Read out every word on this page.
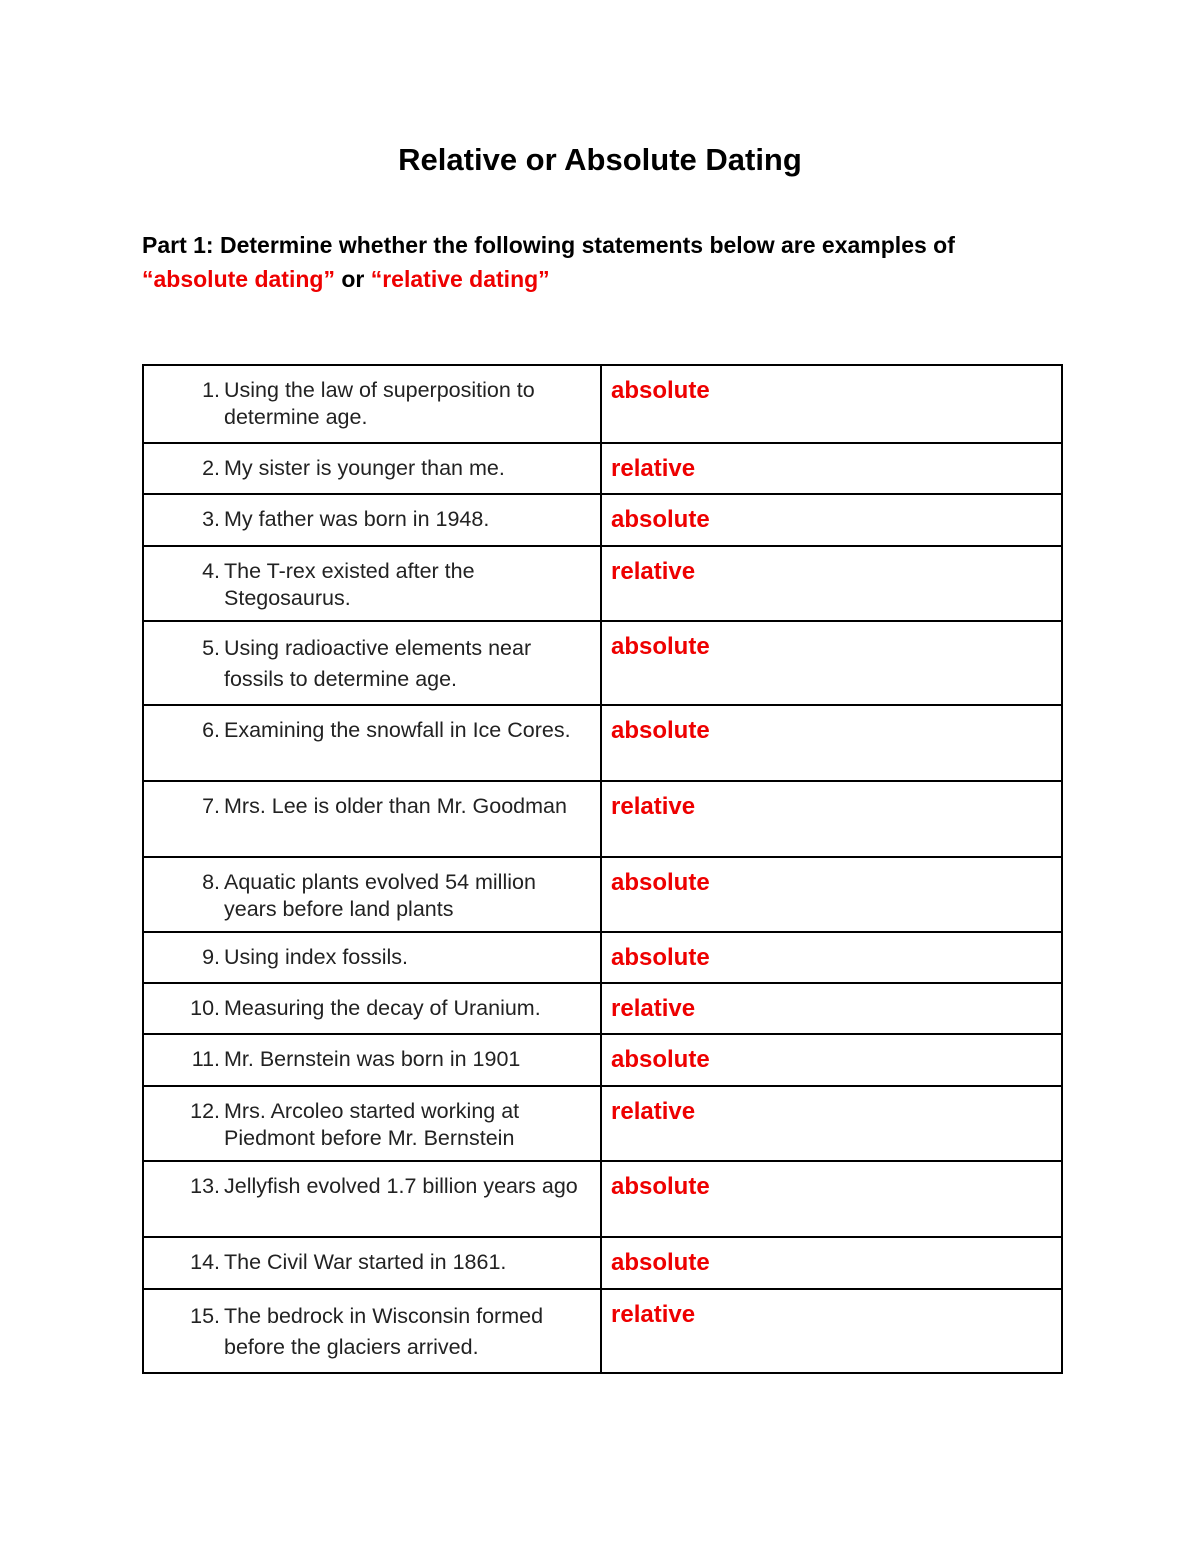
Relative or Absolute Dating
Part 1: Determine whether the following statements below are examples of
“absolute dating” or “relative dating”
1. Using the law of superposition to determine age.	absolute

2. My sister is younger than me.	relative

3. My father was born in 1948.	absolute

4. The T-rex existed after the Stegosaurus.	relative

5. Using radioactive elements near fossils to determine age.	absolute

6. Examining the snowfall in Ice Cores.	absolute

7. Mrs. Lee is older than Mr. Goodman	relative

8. Aquatic plants evolved 54 million years before land plants	absolute

9. Using index fossils.	absolute

10. Measuring the decay of Uranium.	relative

11. Mr. Bernstein was born in 1901	absolute

12. Mrs. Arcoleo started working at Piedmont before Mr. Bernstein	relative

13. Jellyfish evolved 1.7 billion years ago	absolute

14. The Civil War started in 1861.	absolute

15. The bedrock in Wisconsin formed before the glaciers arrived.	relative
